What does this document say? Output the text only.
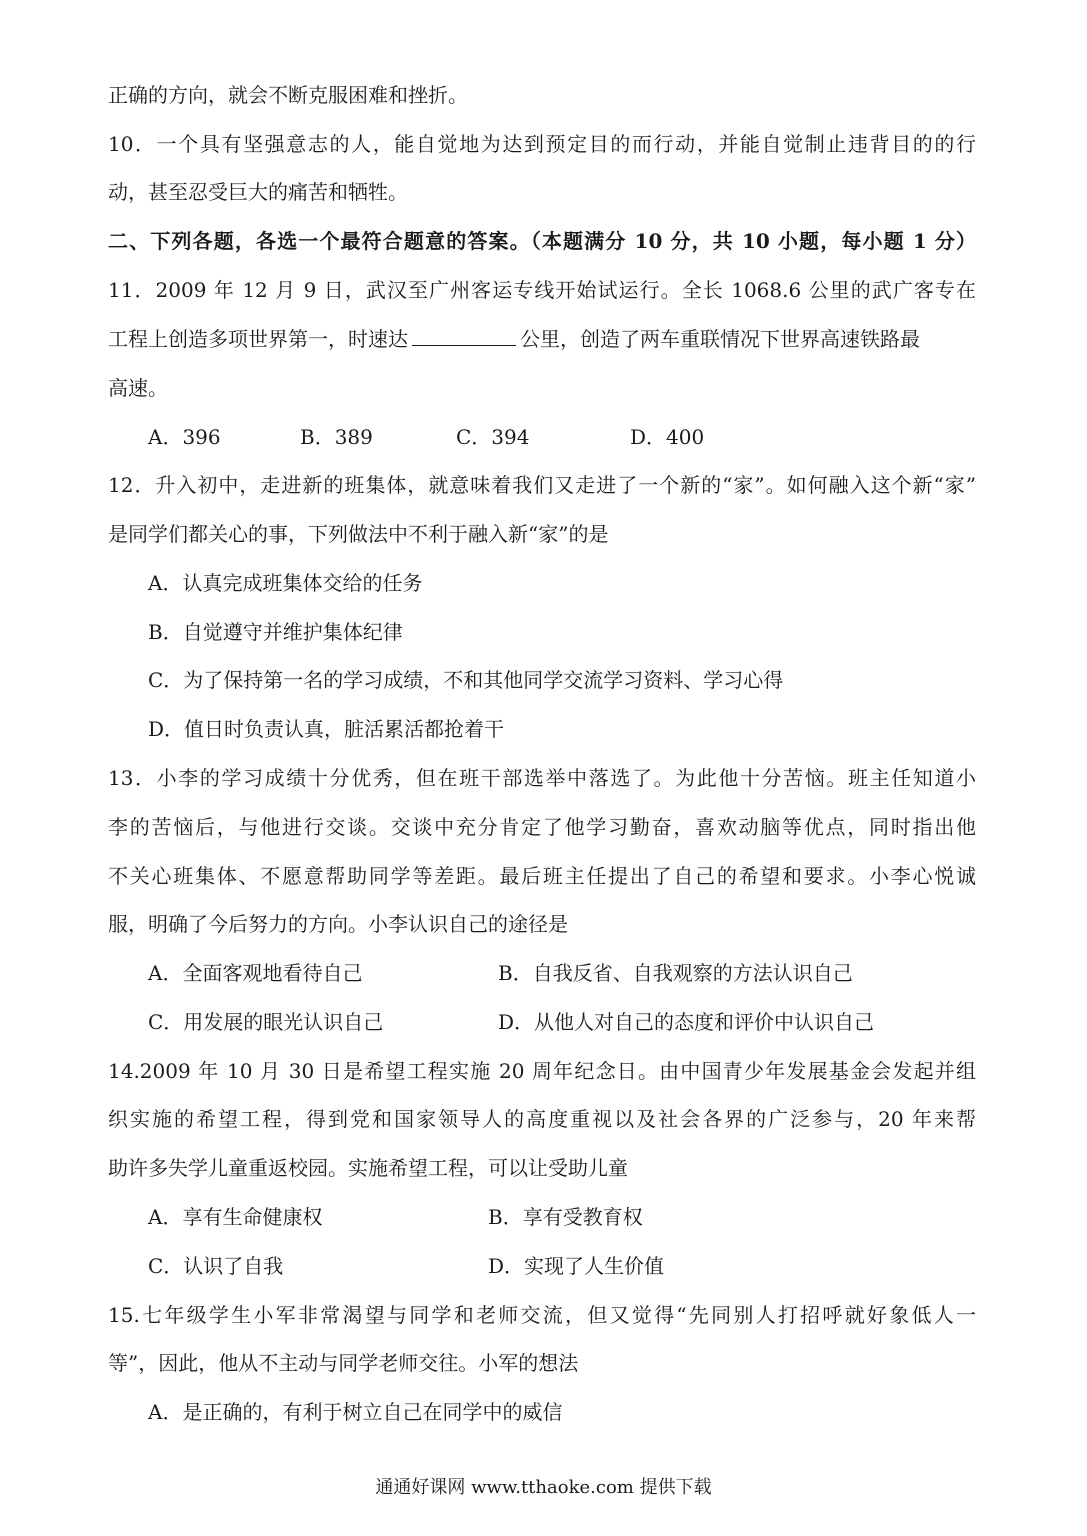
正确的方向，就会不断克服困难和挫折。
10．一个具有坚强意志的人，能自觉地为达到预定目的而行动，并能自觉制止违背目的的行
动，甚至忍受巨大的痛苦和牺牲。
二、下列各题，各选一个最符合题意的答案。（本题满分 10 分，共 10 小题，每小题 1 分）
11．2009 年 12 月 9 日，武汉至广州客运专线开始试运行。全长 1068.6 公里的武广客专在
工程上创造多项世界第一，时速达	公里，创造了两车重联情况下世界高速铁路最
高速。
A．396	B．389	C．394	D．400
12．升入初中，走进新的班集体，就意味着我们又走进了一个新的“家”。如何融入这个新“家”
是同学们都关心的事，下列做法中不利于融入新“家”的是
A．认真完成班集体交给的任务
B．自觉遵守并维护集体纪律
C．为了保持第一名的学习成绩，不和其他同学交流学习资料、学习心得
D．值日时负责认真，脏活累活都抢着干
13．小李的学习成绩十分优秀，但在班干部选举中落选了。为此他十分苦恼。班主任知道小
李的苦恼后，与他进行交谈。交谈中充分肯定了他学习勤奋，喜欢动脑等优点，同时指出他
不关心班集体、不愿意帮助同学等差距。最后班主任提出了自己的希望和要求。小李心悦诚
服，明确了今后努力的方向。小李认识自己的途径是
A．全面客观地看待自己	B．自我反省、自我观察的方法认识自己
C．用发展的眼光认识自己	D．从他人对自己的态度和评价中认识自己
14.2009 年 10 月 30 日是希望工程实施 20 周年纪念日。由中国青少年发展基金会发起并组
织实施的希望工程，得到党和国家领导人的高度重视以及社会各界的广泛参与，20 年来帮
助许多失学儿童重返校园。实施希望工程，可以让受助儿童
A．享有生命健康权	B．享有受教育权
C．认识了自我	D．实现了人生价值
15.七年级学生小军非常渴望与同学和老师交流，但又觉得“先同别人打招呼就好象低人一
等”，因此，他从不主动与同学老师交往。小军的想法
A．是正确的，有利于树立自己在同学中的威信
通通好课网 www.tthaoke.com 提供下载
